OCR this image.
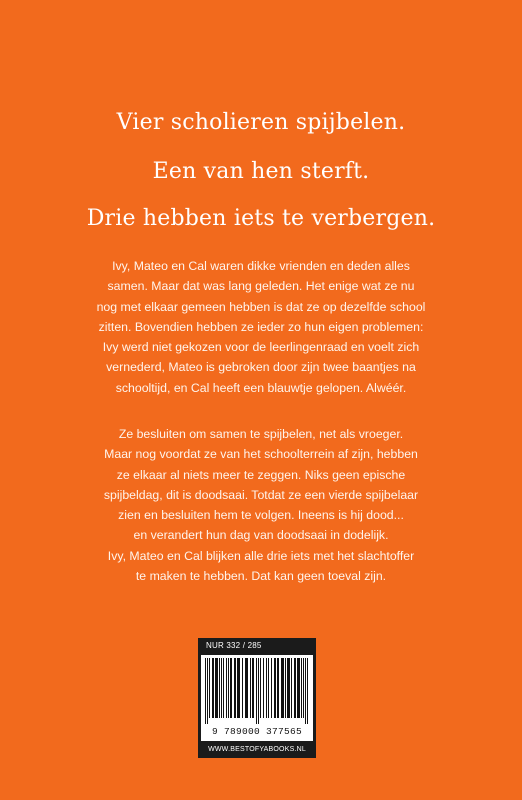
Vier scholieren spijbelen.
Een van hen sterft.
Drie hebben iets te verbergen.

Ivy, Mateo en Cal waren dikke vrienden en deden alles
samen. Maar dat was lang geleden. Het enige wat ze nu
nog met elkaar gemeen hebben is dat ze op dezelfde school
zitten. Bovendien hebben ze ieder zo hun eigen problemen:
Ivy werd niet gekozen voor de leerlingenraad en voelt zich
vernederd, Mateo is gebroken door zijn twee baantjes na
schooltijd, en Cal heeft een blauwtje gelopen. Alwéér.

Ze besluiten om samen te spijbelen, net als vroeger.
Maar nog voordat ze van het schoolterrein af zijn, hebben
ze elkaar al niets meer te zeggen. Niks geen epische
spijbeldag, dit is doodsaai. Totdat ze een vierde spijbelaar
zien en besluiten hem te volgen. Ineens is hij dood...
en verandert hun dag van doodsaai in dodelijk.
Ivy, Mateo en Cal blijken alle drie iets met het slachtoffer
te maken te hebben. Dat kan geen toeval zijn.

NUR 332 / 285
9 789000 377565
WWW.BESTOFYABOOKS.NL
